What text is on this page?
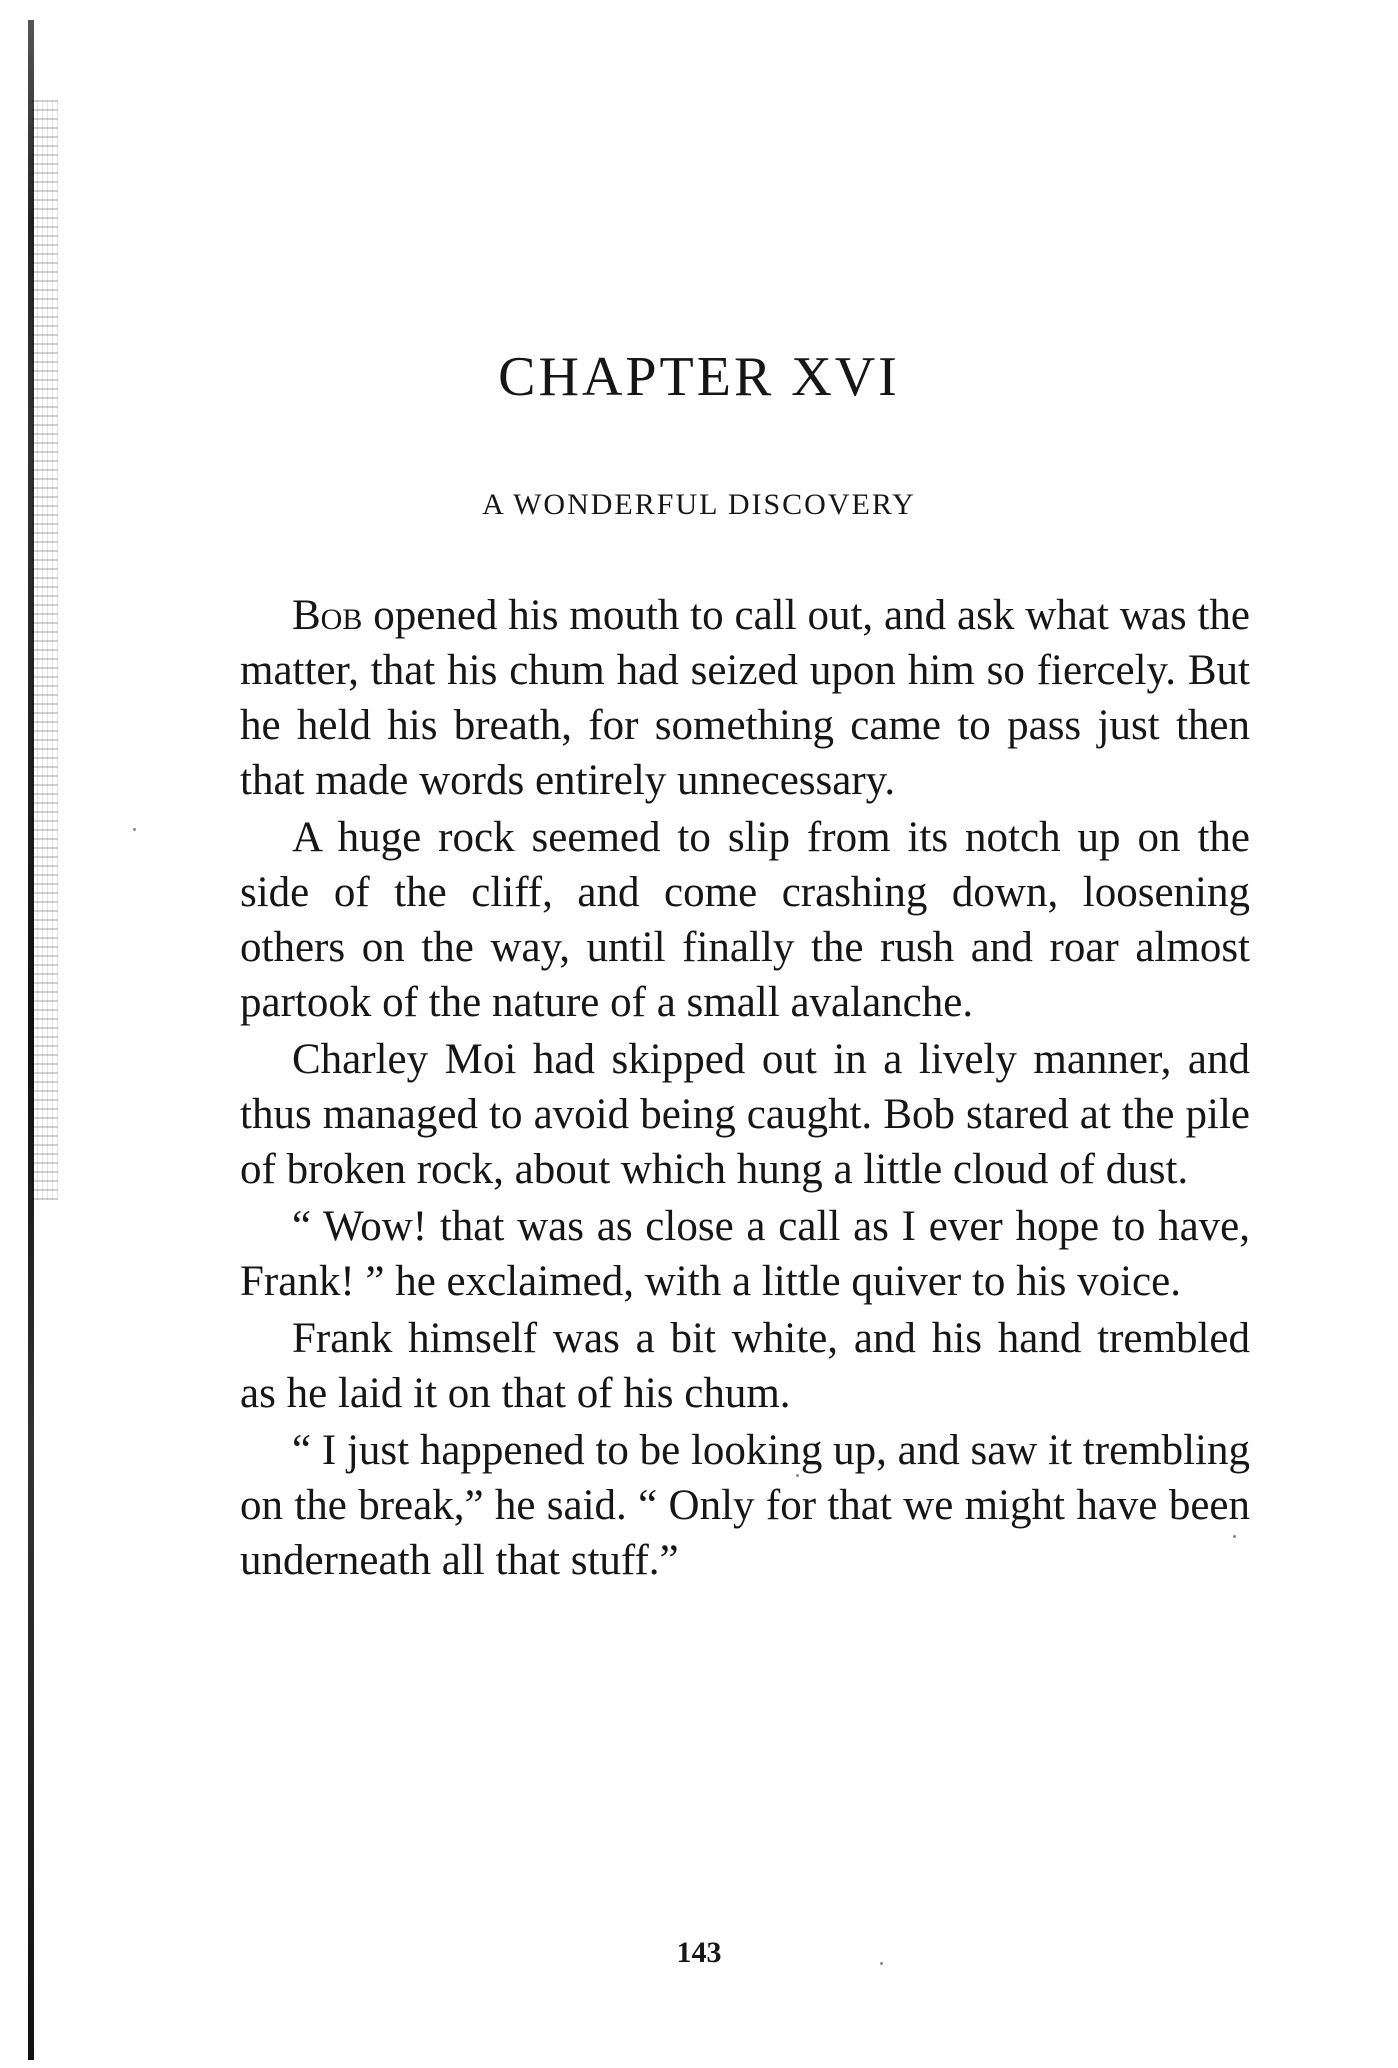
CHAPTER XVI
A WONDERFUL DISCOVERY

Bob opened his mouth to call out, and ask what was the matter, that his chum had seized upon him so fiercely. But he held his breath, for something came to pass just then that made words entirely unnecessary.

A huge rock seemed to slip from its notch up on the side of the cliff, and come crashing down, loosening others on the way, until finally the rush and roar almost partook of the nature of a small avalanche.

Charley Moi had skipped out in a lively manner, and thus managed to avoid being caught. Bob stared at the pile of broken rock, about which hung a little cloud of dust.

“ Wow! that was as close a call as I ever hope to have, Frank! ” he exclaimed, with a little quiver to his voice.

Frank himself was a bit white, and his hand trembled as he laid it on that of his chum.

“ I just happened to be looking up, and saw it trembling on the break,” he said. “ Only for that we might have been underneath all that stuff.”

143
